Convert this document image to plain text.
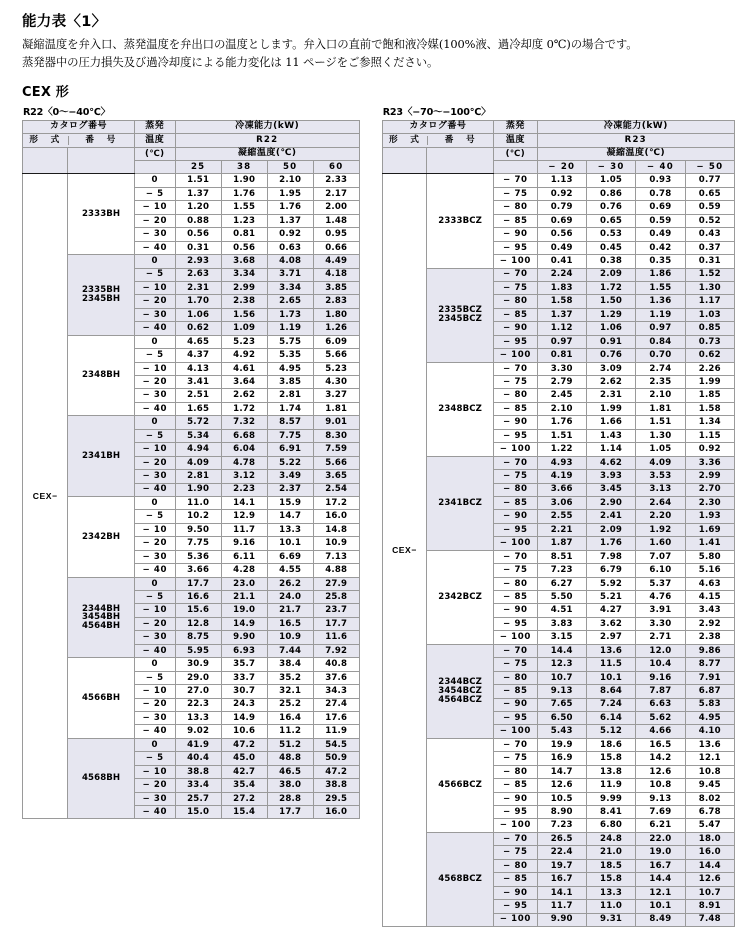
能力表〈1〉

凝縮温度を弁入口、蒸発温度を弁出口の温度とします。弁入口の直前で飽和液冷媒(100%液、過冷却度 0℃)の場合です。

蒸発器中の圧力損失及び過冷却度による能力変化は 11 ページをご参照ください。

CEX 形
R22〈0〜−40℃〉
カタログ番号		蒸発	冷凍能力(kW)			

形　式 番　号		温度	R22			
		(℃)	凝縮温度(℃)			
			25	38	50	60
CEX−	2333BH	0	1.51	1.90	2.10	2.33
		− 5	1.37	1.76	1.95	2.17
		− 10	1.20	1.55	1.76	2.00
		− 20	0.88	1.23	1.37	1.48
		− 30	0.56	0.81	0.92	0.95
		− 40	0.31	0.56	0.63	0.66

	2335BH
2345BH	0	2.93	3.68	4.08	4.49
		− 5	2.63	3.34	3.71	4.18
		− 10	2.31	2.99	3.34	3.85
		− 20	1.70	2.38	2.65	2.83
		− 30	1.06	1.56	1.73	1.80
		− 40	0.62	1.09	1.19	1.26

	2348BH	0	4.65	5.23	5.75	6.09
		− 5	4.37	4.92	5.35	5.66
		− 10	4.13	4.61	4.95	5.23
		− 20	3.41	3.64	3.85	4.30
		− 30	2.51	2.62	2.81	3.27
		− 40	1.65	1.72	1.74	1.81

	2341BH	0	5.72	7.32	8.57	9.01
		− 5	5.34	6.68	7.75	8.30
		− 10	4.94	6.04	6.91	7.59
		− 20	4.09	4.78	5.22	5.66
		− 30	2.81	3.12	3.49	3.65
		− 40	1.90	2.23	2.37	2.54

	2342BH	0	11.0	14.1	15.9	17.2
		− 5	10.2	12.9	14.7	16.0
		− 10	9.50	11.7	13.3	14.8
		− 20	7.75	9.16	10.1	10.9
		− 30	5.36	6.11	6.69	7.13
		− 40	3.66	4.28	4.55	4.88

	2344BH
3454BH
4564BH	0	17.7	23.0	26.2	27.9
		− 5	16.6	21.1	24.0	25.8
		− 10	15.6	19.0	21.7	23.7
		− 20	12.8	14.9	16.5	17.7
		− 30	8.75	9.90	10.9	11.6
		− 40	5.95	6.93	7.44	7.92

	4566BH	0	30.9	35.7	38.4	40.8
		− 5	29.0	33.7	35.2	37.6
		− 10	27.0	30.7	32.1	34.3
		− 20	22.3	24.3	25.2	27.4
		− 30	13.3	14.9	16.4	17.6
		− 40	9.02	10.6	11.2	11.9

	4568BH	0	41.9	47.2	51.2	54.5
		− 5	40.4	45.0	48.8	50.9
		− 10	38.8	42.7	46.5	47.2
		− 20	33.4	35.4	38.0	38.8
		− 30	25.7	27.2	28.8	29.5
		− 40	15.0	15.4	17.7	16.0
R23〈−70〜−100℃〉
カタログ番号		蒸発	冷凍能力(kW)			

形　式 番　号		温度	R23			
		(℃)	凝縮温度(℃)			
			− 20	− 30	− 40	− 50
CEX−	2333BCZ	− 70	1.13	1.05	0.93	0.77
		− 75	0.92	0.86	0.78	0.65
		− 80	0.79	0.76	0.69	0.59
		− 85	0.69	0.65	0.59	0.52
		− 90	0.56	0.53	0.49	0.43
		− 95	0.49	0.45	0.42	0.37
		− 100	0.41	0.38	0.35	0.31

	2335BCZ
2345BCZ	− 70	2.24	2.09	1.86	1.52
		− 75	1.83	1.72	1.55	1.30
		− 80	1.58	1.50	1.36	1.17
		− 85	1.37	1.29	1.19	1.03
		− 90	1.12	1.06	0.97	0.85
		− 95	0.97	0.91	0.84	0.73
		− 100	0.81	0.76	0.70	0.62

	2348BCZ	− 70	3.30	3.09	2.74	2.26
		− 75	2.79	2.62	2.35	1.99
		− 80	2.45	2.31	2.10	1.85
		− 85	2.10	1.99	1.81	1.58
		− 90	1.76	1.66	1.51	1.34
		− 95	1.51	1.43	1.30	1.15
		− 100	1.22	1.14	1.05	0.92

	2341BCZ	− 70	4.93	4.62	4.09	3.36
		− 75	4.19	3.93	3.53	2.99
		− 80	3.66	3.45	3.13	2.70
		− 85	3.06	2.90	2.64	2.30
		− 90	2.55	2.41	2.20	1.93
		− 95	2.21	2.09	1.92	1.69
		− 100	1.87	1.76	1.60	1.41

	2342BCZ	− 70	8.51	7.98	7.07	5.80
		− 75	7.23	6.79	6.10	5.16
		− 80	6.27	5.92	5.37	4.63
		− 85	5.50	5.21	4.76	4.15
		− 90	4.51	4.27	3.91	3.43
		− 95	3.83	3.62	3.30	2.92
		− 100	3.15	2.97	2.71	2.38

	2344BCZ
3454BCZ
4564BCZ	− 70	14.4	13.6	12.0	9.86
		− 75	12.3	11.5	10.4	8.77
		− 80	10.7	10.1	9.16	7.91
		− 85	9.13	8.64	7.87	6.87
		− 90	7.65	7.24	6.63	5.83
		− 95	6.50	6.14	5.62	4.95
		− 100	5.43	5.12	4.66	4.10

	4566BCZ	− 70	19.9	18.6	16.5	13.6
		− 75	16.9	15.8	14.2	12.1
		− 80	14.7	13.8	12.6	10.8
		− 85	12.6	11.9	10.8	9.45
		− 90	10.5	9.99	9.13	8.02
		− 95	8.90	8.41	7.69	6.78
		− 100	7.23	6.80	6.21	5.47

	4568BCZ	− 70	26.5	24.8	22.0	18.0
		− 75	22.4	21.0	19.0	16.0
		− 80	19.7	18.5	16.7	14.4
		− 85	16.7	15.8	14.4	12.6
		− 90	14.1	13.3	12.1	10.7
		− 95	11.7	11.0	10.1	8.91
		− 100	9.90	9.31	8.49	7.48
